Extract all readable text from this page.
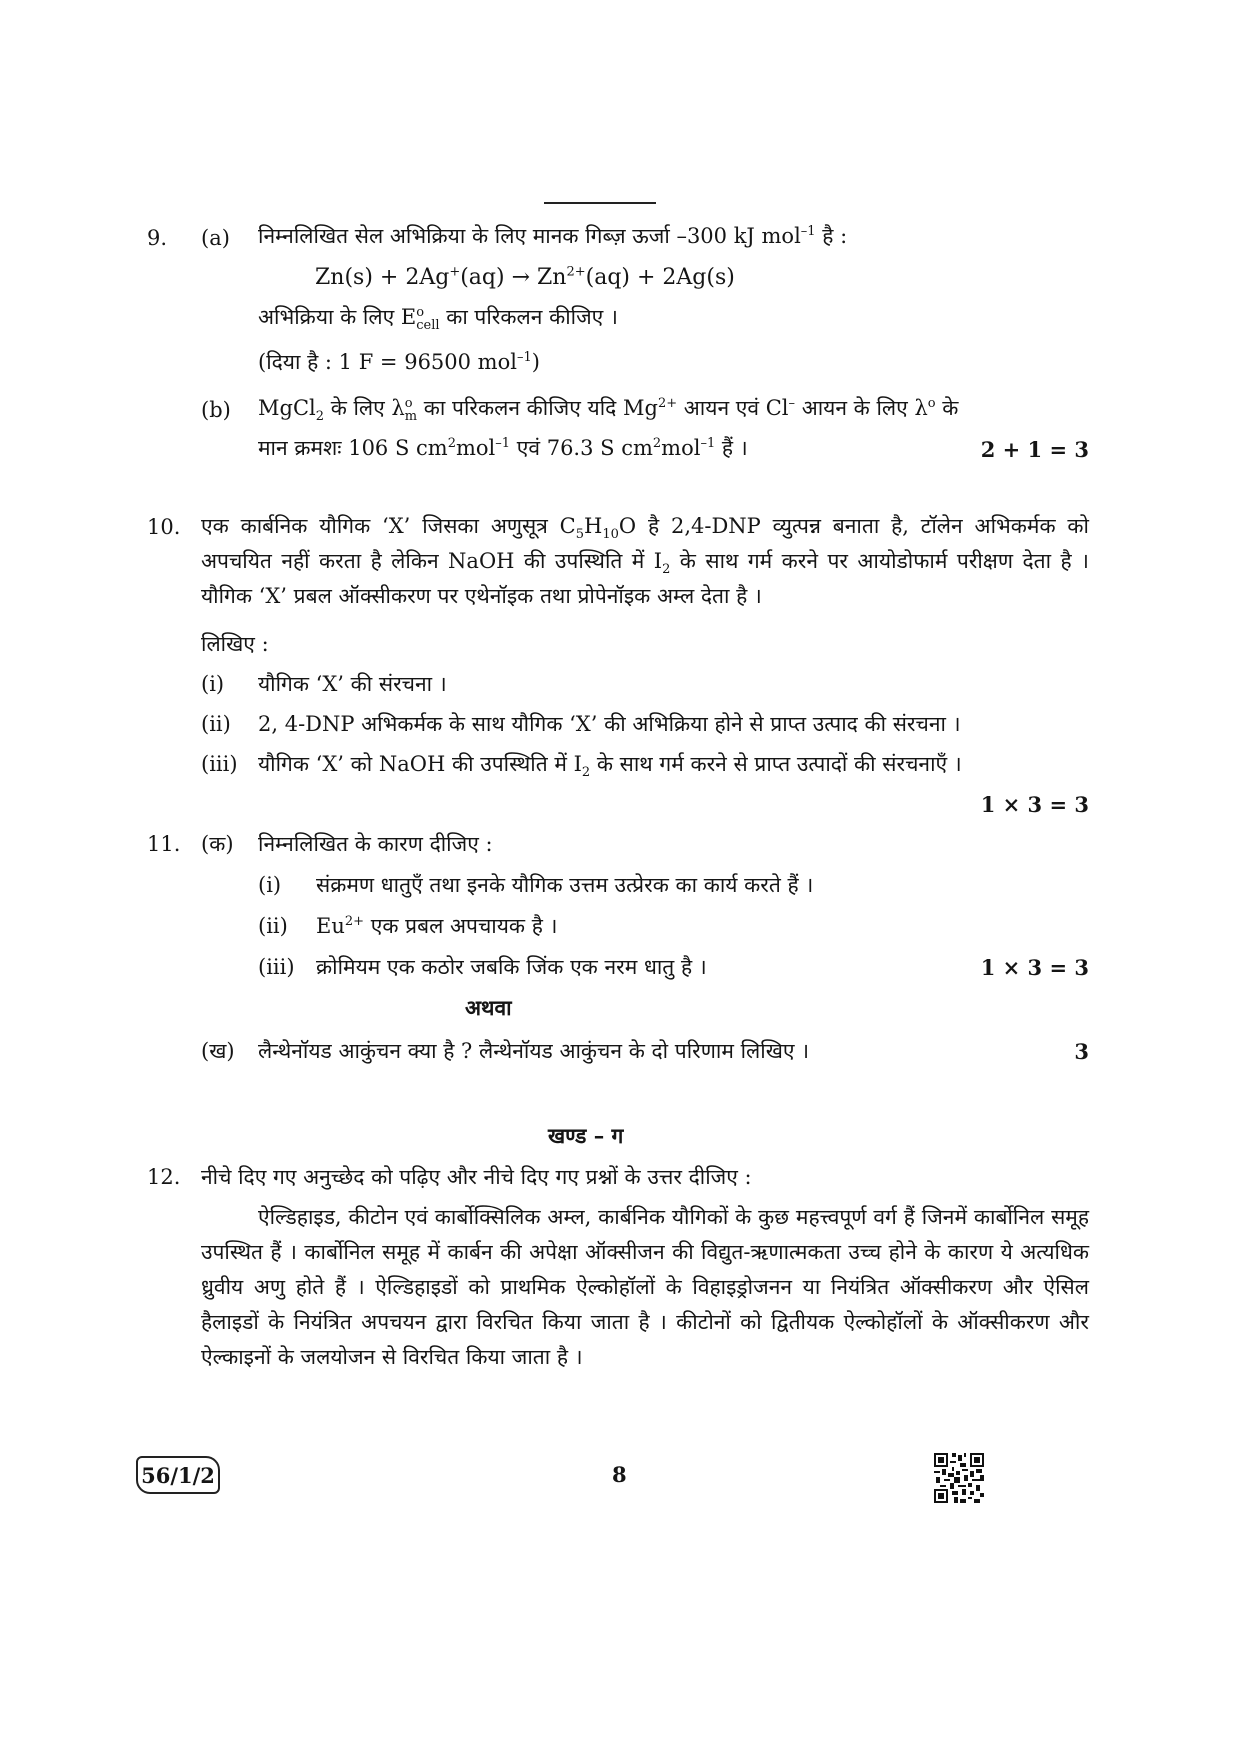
9. (a) निम्नलिखित सेल अभिक्रिया के लिए मानक गिब्ज़ ऊर्जा –300 kJ mol$^{-1}$ है :
$Zn(s) + 2Ag^+(aq) \to Zn^{2+}(aq) + 2Ag(s)$
अभिक्रिया के लिए E o
cell का परिकलन कीजिए ।
(दिया है : 1 F = 96500 mol$^{-1}$)
(b) MgCl$_2$ के लिए λ o
m का परिकलन कीजिए यदि $Mg^{2+}$ आयन एवं Cl– आयन के लिए $\lambda^o$ के
मान क्रमशः 106 S $cm^2mol^{-1}$ एवं 76.3 S $cm^2mol^{-1}$ हैं ।	2 + 1 = 3
10. एक कार्बनिक यौगिक ‘X’ जिसका अणुसूत्र $C_5H_{10}O$ है 2,4-DNP व्युत्पन्न बनाता है, टॉलेन अभिकर्मक को अपचयित नहीं करता है लेकिन NaOH की उपस्थिति में $I_2$ के साथ गर्म करने पर आयोडोफार्म परीक्षण देता है । यौगिक ‘X’ प्रबल ऑक्सीकरण पर एथेनॉइक तथा प्रोपेनॉइक अम्ल देता है ।
लिखिए :
(i) यौगिक ‘X’ की संरचना ।
(ii) 2, 4-DNP अभिकर्मक के साथ यौगिक ‘X’ की अभिक्रिया होने से प्राप्त उत्पाद की संरचना ।
(iii) यौगिक ‘X’ को NaOH की उपस्थिति में $I_2$ के साथ गर्म करने से प्राप्त उत्पादों की संरचनाएँ ।
1 × 3 = 3
11. (क) निम्नलिखित के कारण दीजिए :
(i) संक्रमण धातुएँ तथा इनके यौगिक उत्तम उत्प्रेरक का कार्य करते हैं ।
(ii) $Eu^{2+}$ एक प्रबल अपचायक है ।
(iii) क्रोमियम एक कठोर जबकि जिंक एक नरम धातु है ।	1 × 3 = 3
अथवा
(ख) लैन्थेनॉयड आकुंचन क्या है ? लैन्थेनॉयड आकुंचन के दो परिणाम लिखिए ।	3
खण्ड – ग
12. नीचे दिए गए अनुच्छेद को पढ़िए और नीचे दिए गए प्रश्नों के उत्तर दीजिए :
ऐल्डिहाइड, कीटोन एवं कार्बोक्सिलिक अम्ल, कार्बनिक यौगिकों के कुछ महत्त्वपूर्ण वर्ग हैं जिनमें कार्बोनिल समूह उपस्थित हैं । कार्बोनिल समूह में कार्बन की अपेक्षा ऑक्सीजन की विद्युत-ऋणात्मकता उच्च होने के कारण ये अत्यधिक ध्रुवीय अणु होते हैं । ऐल्डिहाइडों को प्राथमिक ऐल्कोहॉलों के विहाइड्रोजनन या नियंत्रित ऑक्सीकरण और ऐसिल हैलाइडों के नियंत्रित अपचयन द्वारा विरचित किया जाता है । कीटोनों को द्वितीयक ऐल्कोहॉलों के ऑक्सीकरण और ऐल्काइनों के जलयोजन से विरचित किया जाता है ।
56/1/2	8
